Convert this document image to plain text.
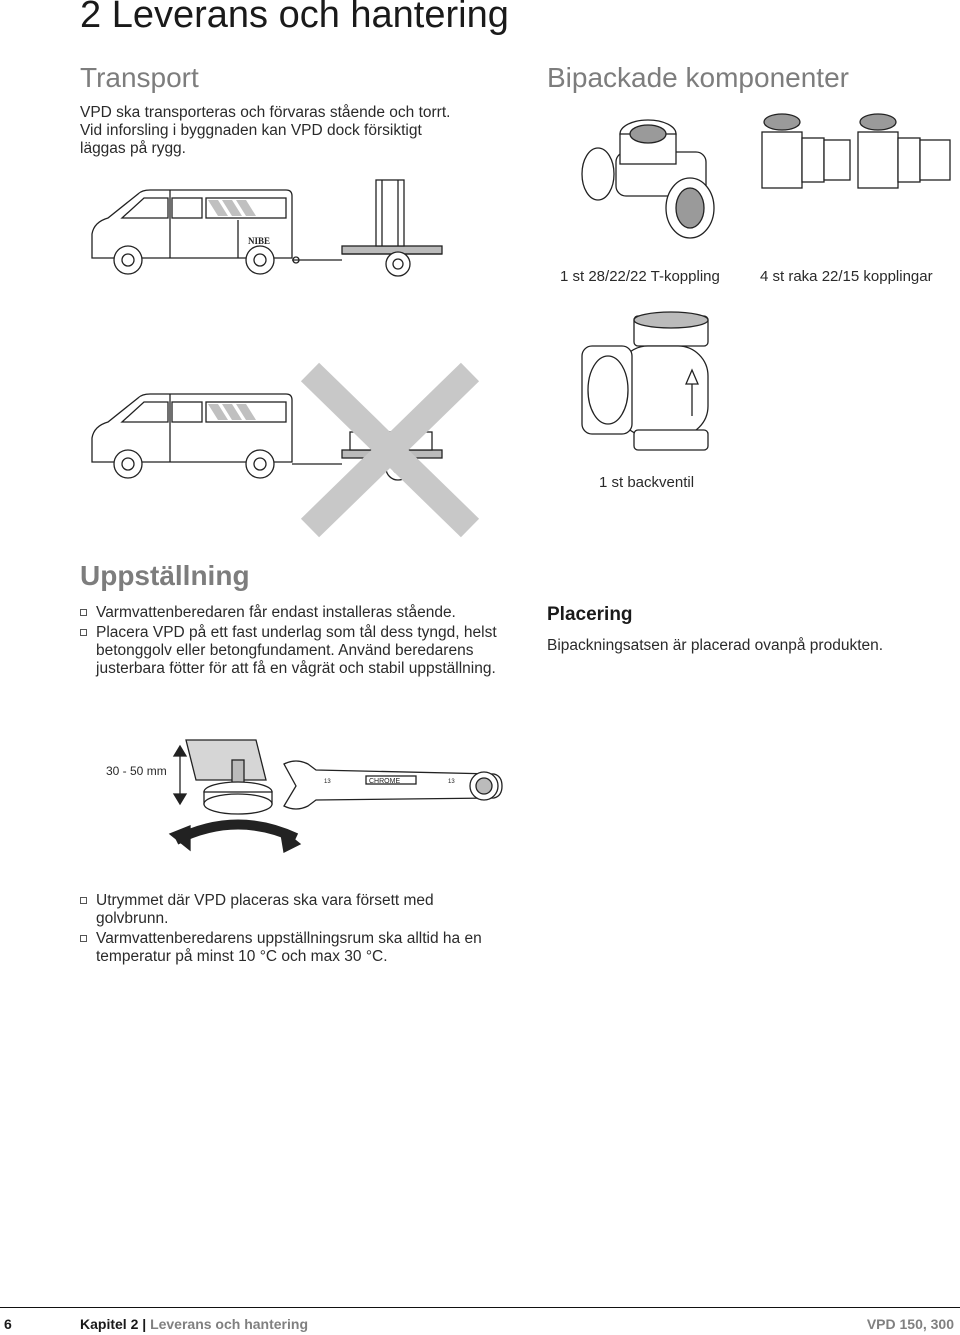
2 Leverans och hantering
Transport
VPD ska transporteras och förvaras stående och torrt.
Vid inforsling i byggnaden kan VPD dock försiktigt
läggas på rygg.
NIBE
Bipackade komponenter
1 st 28/22/22 T-koppling	4 st raka 22/15 kopplingar
1 st backventil
Uppställning
Varmvattenberedaren får endast installeras stående.
Placera VPD på ett fast underlag som tål dess tyngd, helst betonggolv eller betongfundament. Använd beredarens justerbara fötter för att få en vågrät och stabil uppställning.
Placering
Bipackningsatsen är placerad ovanpå produkten.
30 - 50 mm
CHROME
13	13
Utrymmet där VPD placeras ska vara försett med golvbrunn.
Varmvattenberedarens uppställningsrum ska alltid ha en temperatur på minst 10 °C och max 30 °C.
6	Kapitel 2 | Leverans och hantering	VPD 150, 300
